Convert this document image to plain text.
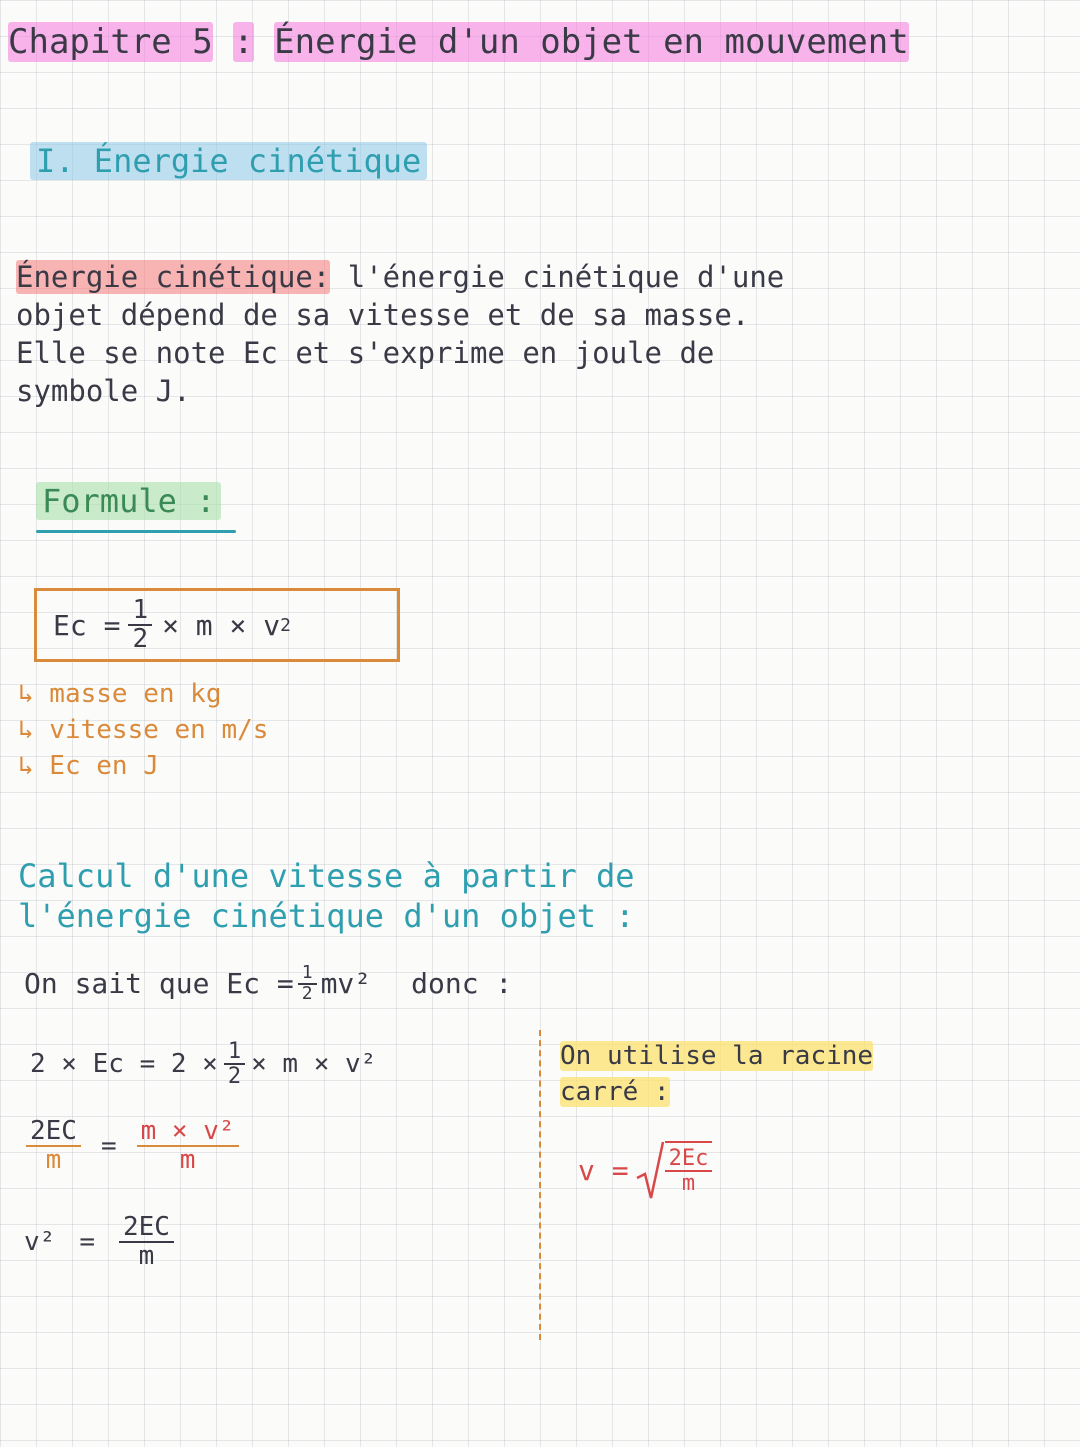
Chapitre 5 : Énergie d'un objet en mouvement
I. Énergie cinétique
Énergie cinétique: l'énergie cinétique d'une
objet dépend de sa vitesse et de sa masse.
Elle se note Ec et s'exprime en joule de
symbole J.
Formule :
$Ec = \frac{1}{2} \times m \times v$ 2
↳ masse en kg
↳ vitesse en m/s
↳ Ec en J
Calcul d'une vitesse à partir de
l'énergie cinétique d'un objet :
On sait que $Ec = \frac{1}{2} mv^2$ donc :
$2 \times Ec = 2 \times \frac{1}{2} \times m \times v^2$
$\frac{2EC}{m} = \frac{\text{m × v²}}{m}$
$v^2 = \frac{2EC}{m}$
On utilise la racine
carré :
$v = \frac{2Ec}{m}$
